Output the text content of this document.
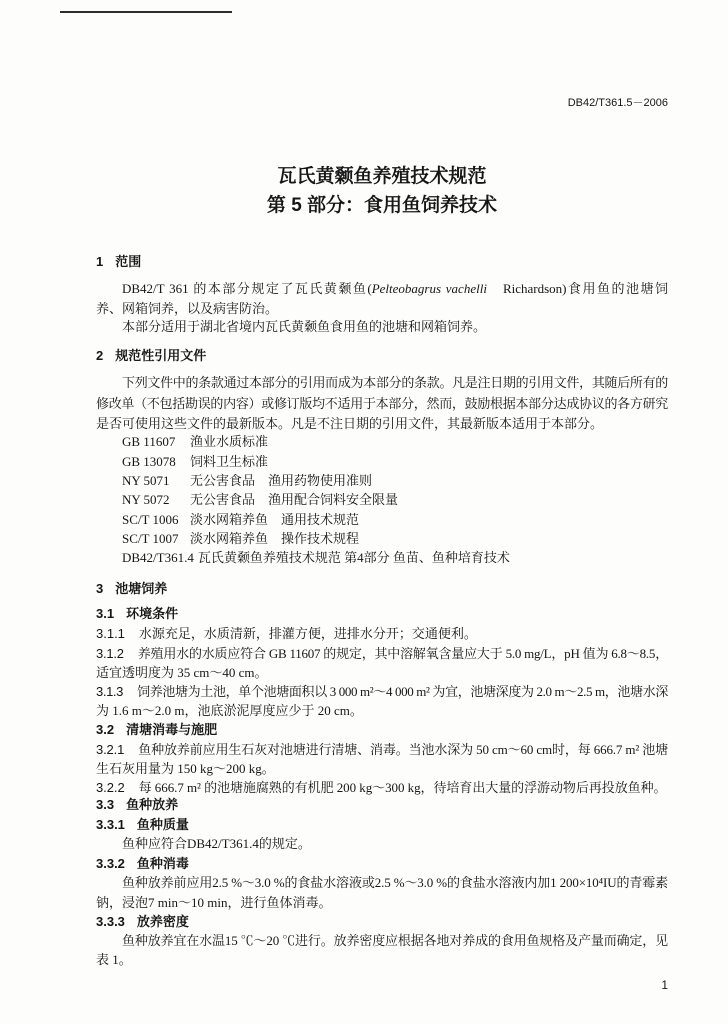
DB42/T361.5－2006
瓦氏黄颡鱼养殖技术规范
第 5 部分：食用鱼饲养技术
1 范围
DB42/T 361 的本部分规定了瓦氏黄颡鱼(Pelteobagrus vachelli　Richardson)食用鱼的池塘饲
养、网箱饲养，以及病害防治。
本部分适用于湖北省境内瓦氏黄颡鱼食用鱼的池塘和网箱饲养。
2 规范性引用文件
下列文件中的条款通过本部分的引用而成为本部分的条款。凡是注日期的引用文件，其随后所有的
修改单（不包括勘误的内容）或修订版均不适用于本部分，然而，鼓励根据本部分达成协议的各方研究
是否可使用这些文件的最新版本。凡是不注日期的引用文件，其最新版本适用于本部分。
GB 11607 渔业水质标准
GB 13078 饲料卫生标准
NY 5071 无公害食品　渔用药物使用准则
NY 5072 无公害食品　渔用配合饲料安全限量
SC/T 1006 淡水网箱养鱼　通用技术规范
SC/T 1007 淡水网箱养鱼　操作技术规程
DB42/T361.4 瓦氏黄颡鱼养殖技术规范 第4部分 鱼苗、鱼种培育技术
3 池塘饲养
3.1 环境条件
3.1.1 水源充足，水质清新，排灌方便，进排水分开；交通便利。
3.1.2 养殖用水的水质应符合 GB 11607 的规定，其中溶解氧含量应大于 5.0 mg/L，pH 值为 6.8～8.5，
适宜透明度为 35 cm～40 cm。
3.1.3 饲养池塘为土池，单个池塘面积以 3 000 m²～4 000 m² 为宜，池塘深度为 2.0 m～2.5 m，池塘水深
为 1.6 m～2.0 m，池底淤泥厚度应少于 20 cm。
3.2 清塘消毒与施肥
3.2.1 鱼种放养前应用生石灰对池塘进行清塘、消毒。当池水深为 50 cm～60 cm时，每 666.7 m² 池塘
生石灰用量为 150 kg～200 kg。
3.2.2 每 666.7 m² 的池塘施腐熟的有机肥 200 kg～300 kg，待培育出大量的浮游动物后再投放鱼种。
3.3 鱼种放养
3.3.1 鱼种质量
鱼种应符合DB42/T361.4的规定。
3.3.2 鱼种消毒
鱼种放养前应用2.5 %～3.0 %的食盐水溶液或2.5 %～3.0 %的食盐水溶液内加1 200×10⁴IU的青霉素
钠，浸泡7 min～10 min，进行鱼体消毒。
3.3.3 放养密度
鱼种放养宜在水温15 ℃～20 ℃进行。放养密度应根据各地对养成的食用鱼规格及产量而确定，见
表 1。
1
